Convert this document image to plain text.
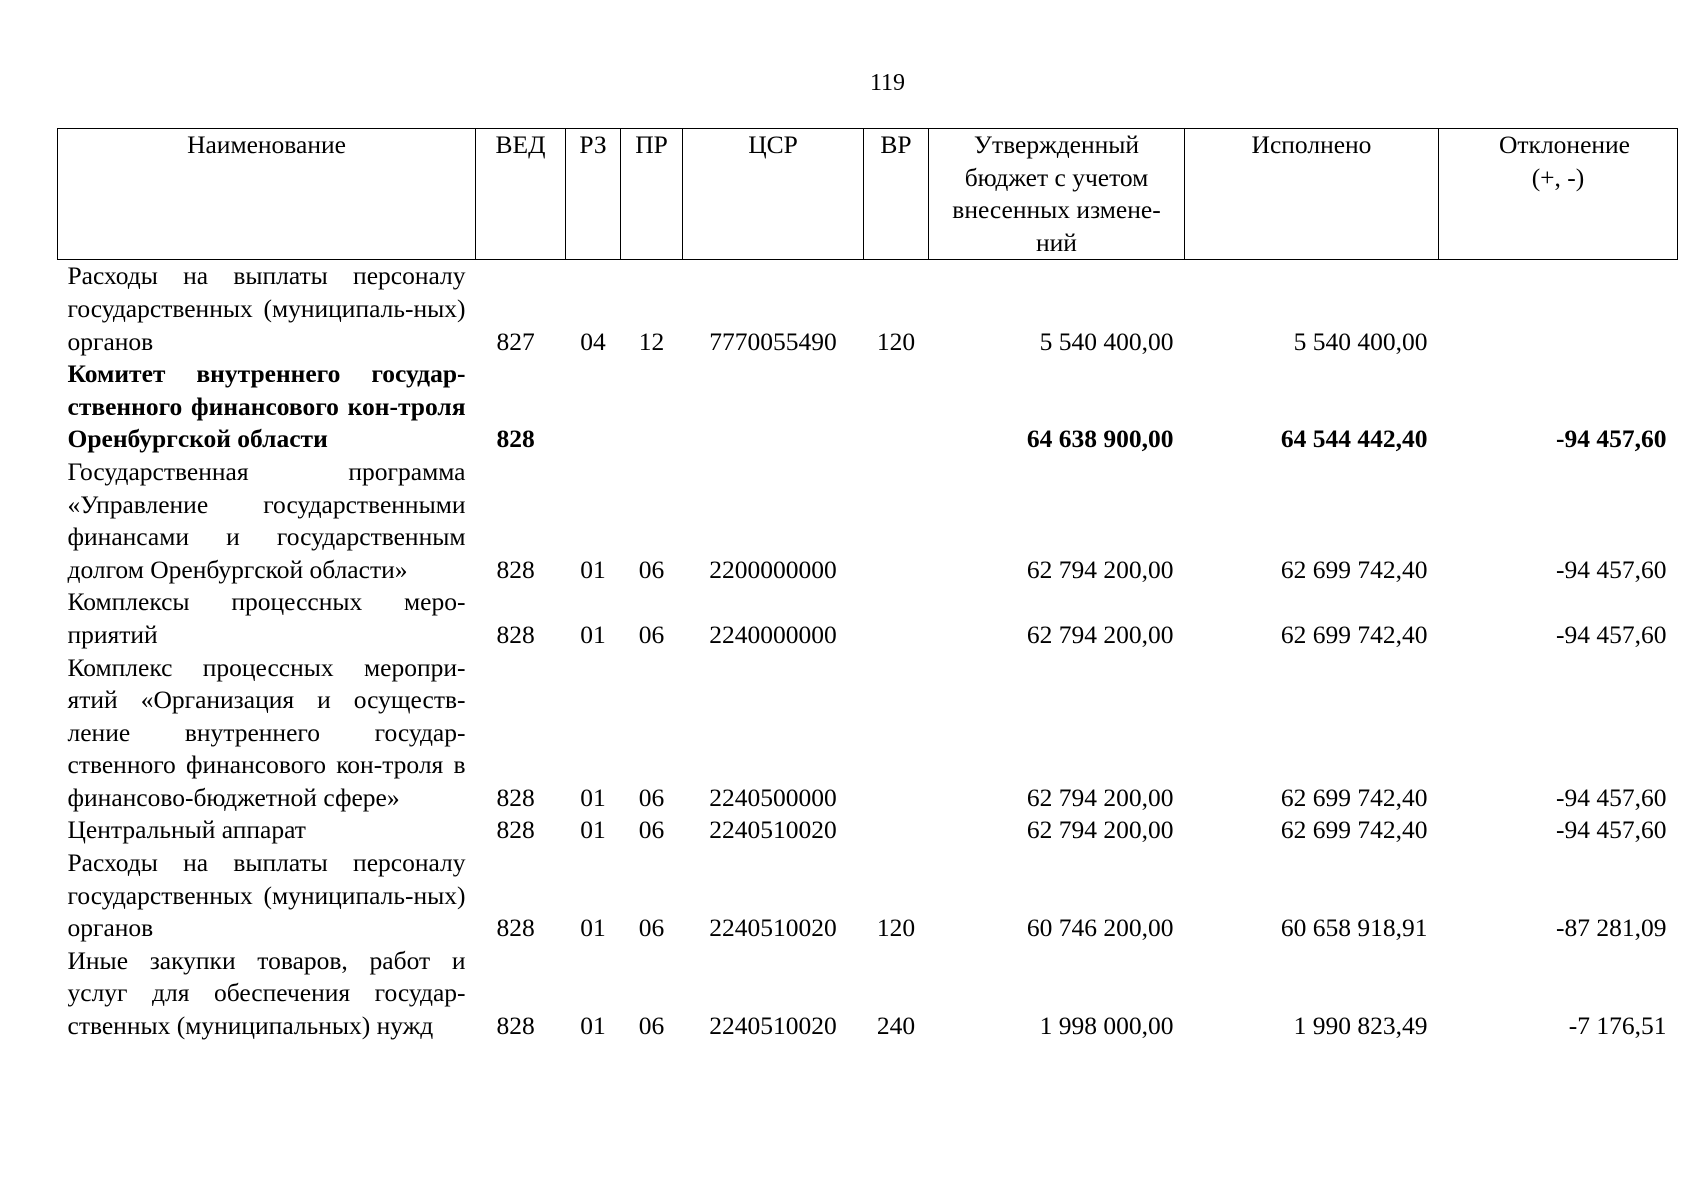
119
Наименование	ВЕД	РЗ	ПР	ЦСР	ВР	Утвержденный бюджет с учетом внесенных измене-ний	Исполнено	Отклонение (+, -)
Расходы на выплаты персоналу государственных (муниципаль-ных) органов	827	04	12	7770055490	120	5 540 400,00	5 540 400,00	
Комитет внутреннего государ-ственного финансового кон-троля Оренбургской области	828					64 638 900,00	64 544 442,40	-94 457,60
Государственная программа «Управление государственными финансами и государственным долгом Оренбургской области»	828	01	06	2200000000		62 794 200,00	62 699 742,40	-94 457,60
Комплексы процессных меро-приятий	828	01	06	2240000000		62 794 200,00	62 699 742,40	-94 457,60
Комплекс процессных меропри-ятий «Организация и осуществ-ление внутреннего государ-ственного финансового кон-троля в финансово-бюджетной сфере»	828	01	06	2240500000		62 794 200,00	62 699 742,40	-94 457,60
Центральный аппарат	828	01	06	2240510020		62 794 200,00	62 699 742,40	-94 457,60
Расходы на выплаты персоналу государственных (муниципаль-ных) органов	828	01	06	2240510020	120	60 746 200,00	60 658 918,91	-87 281,09
Иные закупки товаров, работ и услуг для обеспечения государ-ственных (муниципальных) нужд	828	01	06	2240510020	240	1 998 000,00	1 990 823,49	-7 176,51
